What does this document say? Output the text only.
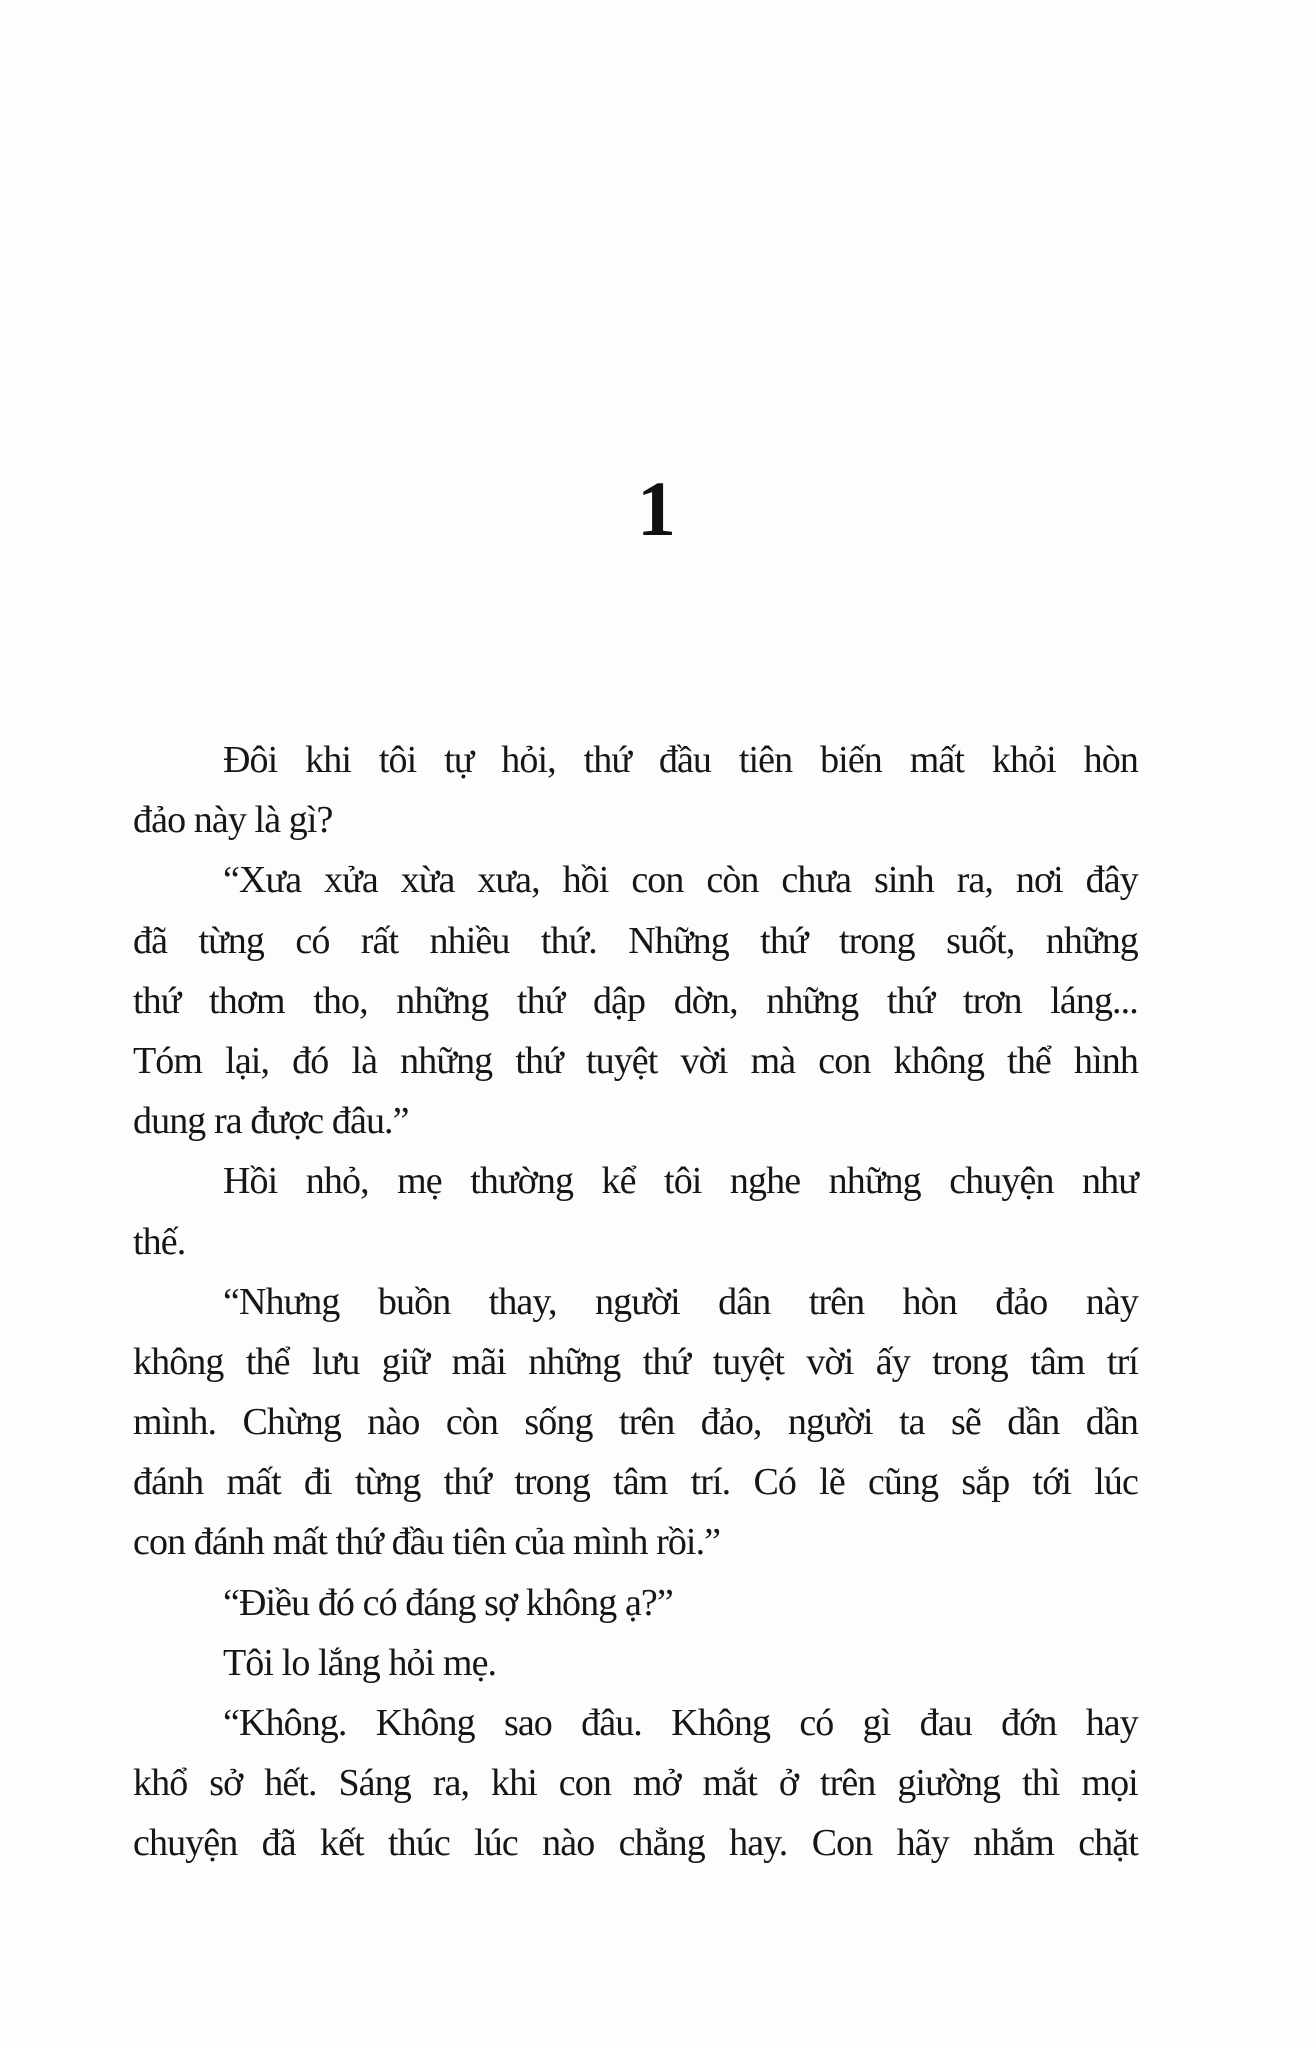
1
Đôi khi tôi tự hỏi, thứ đầu tiên biến mất khỏi hòn
đảo này là gì?
“Xưa xửa xừa xưa, hồi con còn chưa sinh ra, nơi đây
đã từng có rất nhiều thứ. Những thứ trong suốt, những
thứ thơm tho, những thứ dập dờn, những thứ trơn láng...
Tóm lại, đó là những thứ tuyệt vời mà con không thể hình
dung ra được đâu.”
Hồi nhỏ, mẹ thường kể tôi nghe những chuyện như
thế.
“Nhưng buồn thay, người dân trên hòn đảo này
không thể lưu giữ mãi những thứ tuyệt vời ấy trong tâm trí
mình. Chừng nào còn sống trên đảo, người ta sẽ dần dần
đánh mất đi từng thứ trong tâm trí. Có lẽ cũng sắp tới lúc
con đánh mất thứ đầu tiên của mình rồi.”
“Điều đó có đáng sợ không ạ?”
Tôi lo lắng hỏi mẹ.
“Không. Không sao đâu. Không có gì đau đớn hay
khổ sở hết. Sáng ra, khi con mở mắt ở trên giường thì mọi
chuyện đã kết thúc lúc nào chẳng hay. Con hãy nhắm chặt
